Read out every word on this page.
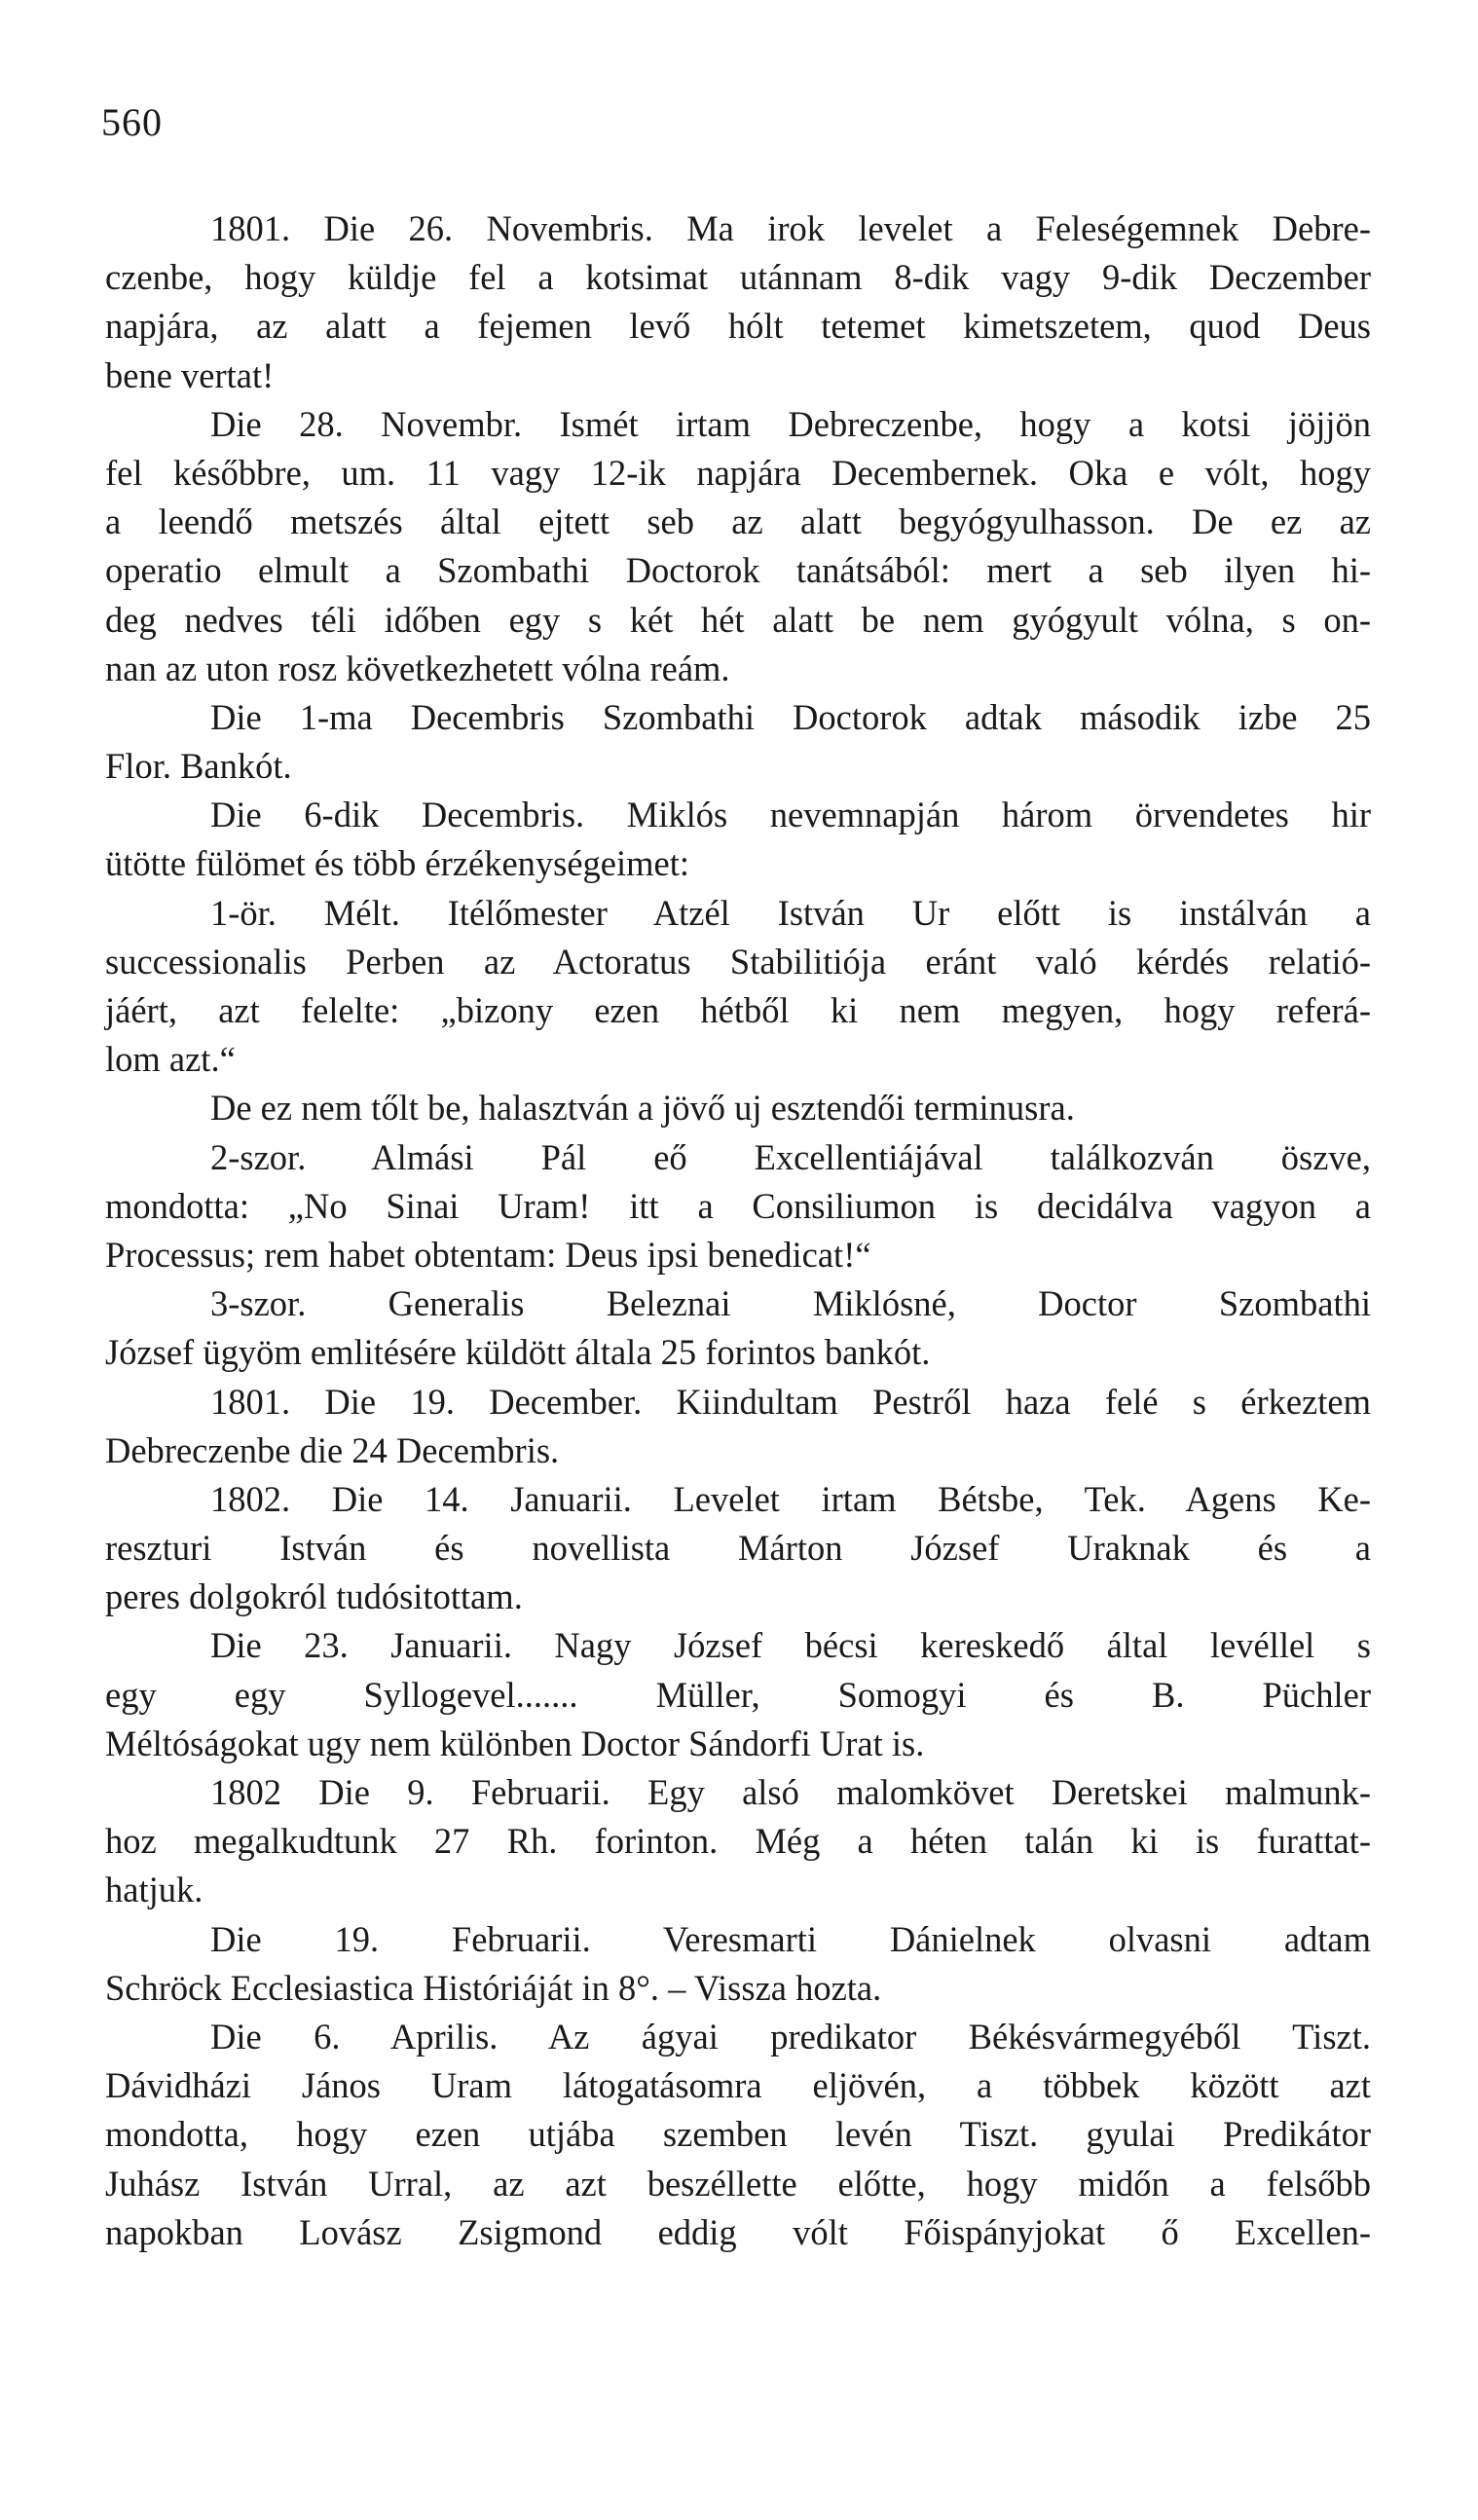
560
1801. Die 26. Novembris. Ma irok levelet a Feleségemnek Debre-
czenbe, hogy küldje fel a kotsimat utánnam 8-dik vagy 9-dik Deczember
napjára, az alatt a fejemen levő hólt tetemet kimetszetem, quod Deus
bene vertat!
Die 28. Novembr. Ismét irtam Debreczenbe, hogy a kotsi jöjjön
fel későbbre, um. 11 vagy 12-ik napjára Decembernek. Oka e vólt, hogy
a leendő metszés által ejtett seb az alatt begyógyulhasson. De ez az
operatio elmult a Szombathi Doctorok tanátsából: mert a seb ilyen hi-
deg nedves téli időben egy s két hét alatt be nem gyógyult vólna, s on-
nan az uton rosz következhetett vólna reám.
Die 1-ma Decembris Szombathi Doctorok adtak második izbe 25
Flor. Bankót.
Die 6-dik Decembris. Miklós nevemnapján három örvendetes hir
ütötte fülömet és több érzékenységeimet:
1-ör. Mélt. Itélőmester Atzél István Ur előtt is instálván a
successionalis Perben az Actoratus Stabilitiója eránt való kérdés relatió-
jáért, azt felelte: „bizony ezen hétből ki nem megyen, hogy referá-
lom azt.“
De ez nem tőlt be, halasztván a jövő uj esztendői terminusra.
2-szor. Almási Pál eő Excellentiájával találkozván öszve,
mondotta: „No Sinai Uram! itt a Consiliumon is decidálva vagyon a
Processus; rem habet obtentam: Deus ipsi benedicat!“
3-szor. Generalis Beleznai Miklósné, Doctor Szombathi
József ügyöm emlitésére küldött általa 25 forintos bankót.
1801. Die 19. December. Kiindultam Pestről haza felé s érkeztem
Debreczenbe die 24 Decembris.
1802. Die 14. Januarii. Levelet irtam Bétsbe, Tek. Agens Ke-
reszturi István és novellista Márton József Uraknak és a
peres dolgokról tudósitottam.
Die 23. Januarii. Nagy József bécsi kereskedő által levéllel s
egy egy Syllogevel....... Müller, Somogyi és B. Püchler
Méltóságokat ugy nem különben Doctor Sándorfi Urat is.
1802 Die 9. Februarii. Egy alsó malomkövet Deretskei malmunk-
hoz megalkudtunk 27 Rh. forinton. Még a héten talán ki is furattat-
hatjuk.
Die 19. Februarii. Veresmarti Dánielnek olvasni adtam
Schröck Ecclesiastica Históriáját in 8°. – Vissza hozta.
Die 6. Aprilis. Az ágyai predikator Békésvármegyéből Tiszt.
Dávidházi János Uram látogatásomra eljövén, a többek között azt
mondotta, hogy ezen utjába szemben levén Tiszt. gyulai Predikátor
Juhász István Urral, az azt beszéllette előtte, hogy midőn a felsőbb
napokban Lovász Zsigmond eddig vólt Főispányjokat ő Excellen-
